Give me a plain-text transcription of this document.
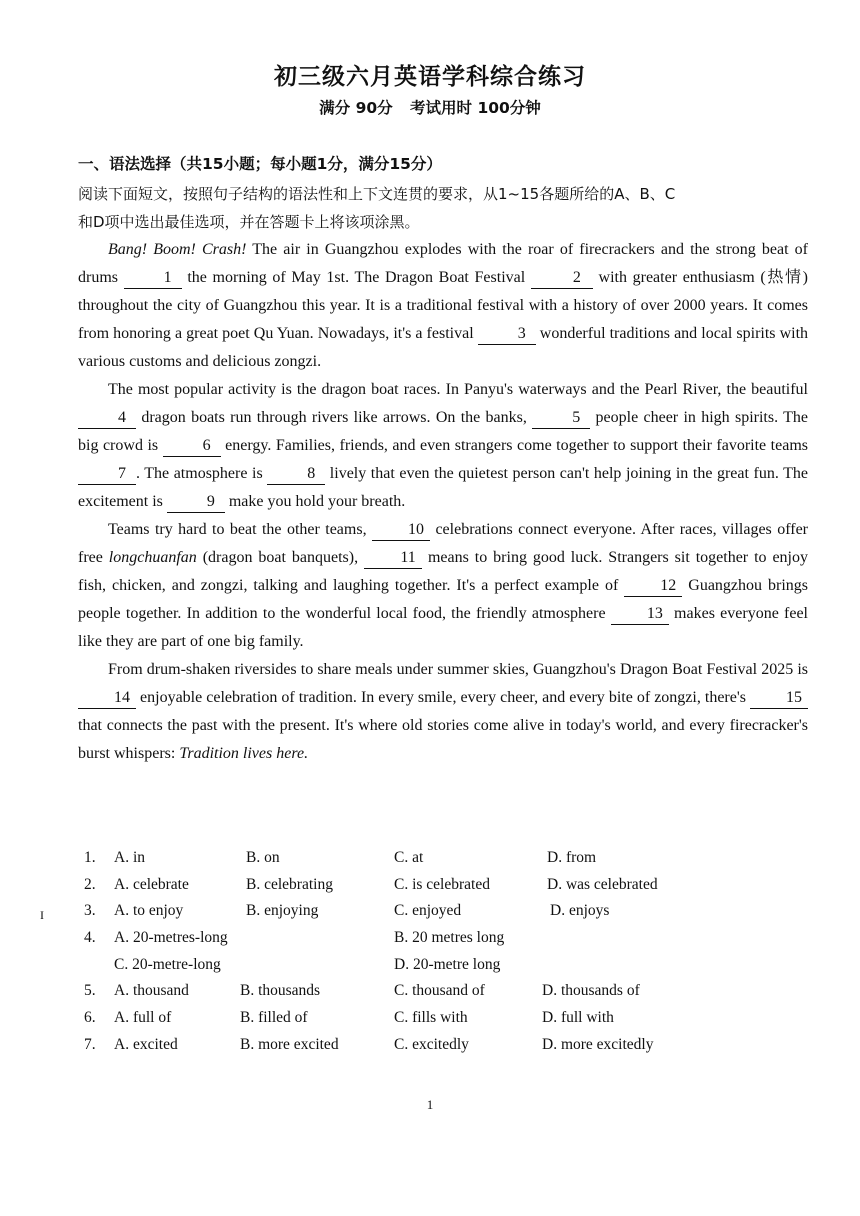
初三级六月英语学科综合练习
满分 90分 考试用时 100分钟
一、语法选择（共15小题；每小题1分，满分15分）
阅读下面短文，按照句子结构的语法性和上下文连贯的要求，从1~15各题所给的A、B、C
和D项中选出最佳选项，并在答题卡上将该项涂黑。

Bang! Boom! Crash! The air in Guangzhou explodes with the roar of firecrackers and the strong beat of drums	1 the morning of May 1st. The Dragon Boat Festival	2 with greater enthusiasm (热情) throughout the city of Guangzhou this year. It is a traditional festival with a history of over 2000 years. It comes from honoring a great poet Qu Yuan. Nowadays, it's a festival	3 wonderful traditions and local spirits with various customs and delicious zongzi.

The most popular activity is the dragon boat races. In Panyu's waterways and the Pearl River, the beautiful 4 dragon boats run through rivers like arrows. On the banks,	5 people cheer in high spirits. The big crowd is	6 energy. Families, friends, and even strangers come together to support their favorite teams 7 . The atmosphere is	8 lively that even the quietest person can't help joining in the great fun. The excitement is	9 make you hold your breath.

Teams try hard to beat the other teams, 10 celebrations connect everyone. After races, villages offer free longchuanfan (dragon boat banquets), 11 means to bring good luck. Strangers sit together to enjoy fish, chicken, and zongzi, talking and laughing together. It's a perfect example of 12 Guangzhou brings people together. In addition to the wonderful local food, the friendly atmosphere 13 makes everyone feel like they are part of one big family.

From drum-shaken riversides to share meals under summer skies, Guangzhou's Dragon Boat Festival 2025 is 14 enjoyable celebration of tradition. In every smile, every cheer, and every bite of zongzi, there's 15 that connects the past with the present. It's where old stories come alive in today's world, and every firecracker's burst whispers: Tradition lives here.

I
1. A. in	B. on	C. at	D. from
2. A. celebrate	B. celebrating	C. is celebrated	D. was celebrated
3. A. to enjoy	B. enjoying	C. enjoyed	D. enjoys
4. A. 20-metres-long	B. 20 metres long
C. 20-metre-long	D. 20-metre long
5. A. thousand	B. thousands	C. thousand of	D. thousands of
6. A. full of	B. filled of	C. fills with	D. full with
7. A. excited	B. more excited	C. excitedly	D. more excitedly
1
